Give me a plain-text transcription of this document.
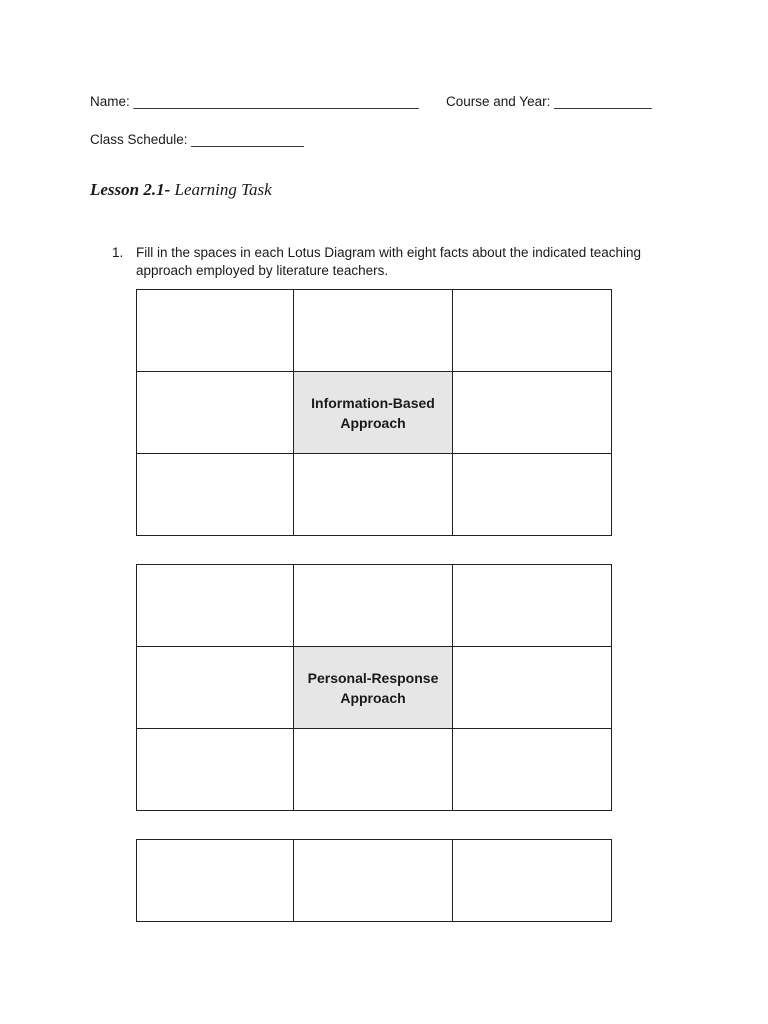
Name: ______________________________________ Course and Year: _____________
Class Schedule: _______________
Lesson 2.1- Learning Task
1. Fill in the spaces in each Lotus Diagram with eight facts about the indicated teaching approach employed by literature teachers.

	Information-Based
Approach	

	Personal-Response
Approach	
